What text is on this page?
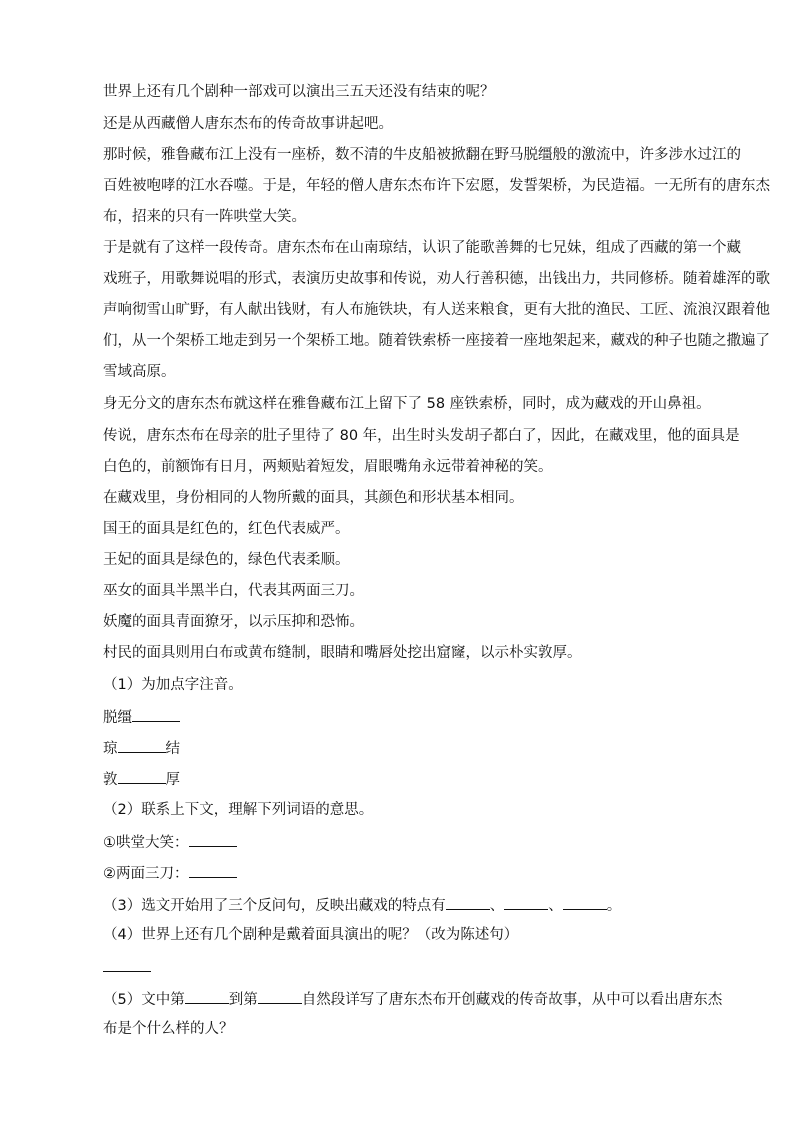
世界上还有几个剧种一部戏可以演出三五天还没有结束的呢？
还是从西藏僧人唐东杰布的传奇故事讲起吧。
那时候，雅鲁藏布江上没有一座桥，数不清的牛皮船被掀翻在野马脱缰般的激流中，许多涉水过江的
百姓被咆哮的江水吞噬。于是，年轻的僧人唐东杰布许下宏愿，发誓架桥，为民造福。一无所有的唐东杰
布，招来的只有一阵哄堂大笑。
于是就有了这样一段传奇。唐东杰布在山南琼结，认识了能歌善舞的七兄妹，组成了西藏的第一个藏
戏班子，用歌舞说唱的形式，表演历史故事和传说，劝人行善积德，出钱出力，共同修桥。随着雄浑的歌
声响彻雪山旷野，有人献出钱财，有人布施铁块，有人送来粮食，更有大批的渔民、工匠、流浪汉跟着他
们，从一个架桥工地走到另一个架桥工地。随着铁索桥一座接着一座地架起来，藏戏的种子也随之撒遍了
雪域高原。
身无分文的唐东杰布就这样在雅鲁藏布江上留下了 58 座铁索桥，同时，成为藏戏的开山鼻祖。
传说，唐东杰布在母亲的肚子里待了 80 年，出生时头发胡子都白了，因此，在藏戏里，他的面具是
白色的，前额饰有日月，两颊贴着短发，眉眼嘴角永远带着神秘的笑。
在藏戏里，身份相同的人物所戴的面具，其颜色和形状基本相同。
国王的面具是红色的，红色代表威严。
王妃的面具是绿色的，绿色代表柔顺。
巫女的面具半黑半白，代表其两面三刀。
妖魔的面具青面獠牙，以示压抑和恐怖。
村民的面具则用白布或黄布缝制，眼睛和嘴唇处挖出窟窿，以示朴实敦厚。
（1）为加点字注音。
脱缰
琼	结
敦	厚
（2）联系上下文，理解下列词语的意思。
①哄堂大笑：
②两面三刀：
（3）选文开始用了三个反问句，反映出藏戏的特点有	、	、	。
（4）世界上还有几个剧种是戴着面具演出的呢？（改为陈述句）
（5）文中第	到第	自然段详写了唐东杰布开创藏戏的传奇故事，从中可以看出唐东杰
布是个什么样的人？
